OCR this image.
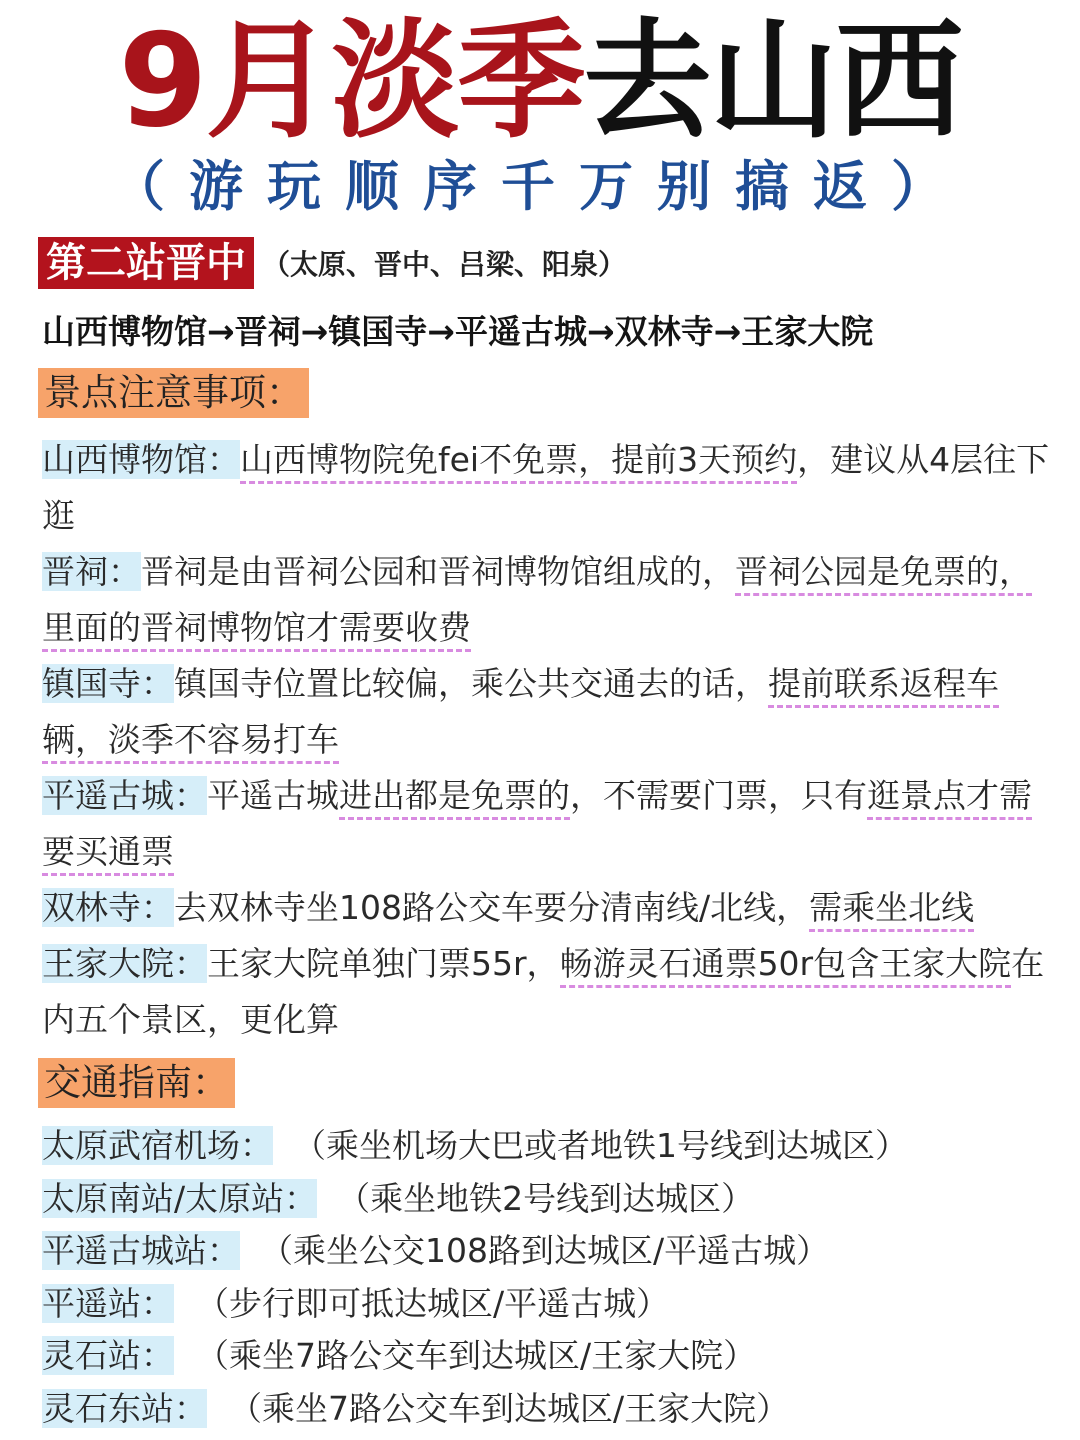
9月淡季去山西
（游玩顺序千万别搞返）
第二站晋中 （太原、晋中、吕梁、阳泉）
山西博物馆→晋祠→镇国寺→平遥古城→双林寺→王家大院
景点注意事项：

山西博物馆：山西博物院免fei不免票，提前3天预约，建议从4层往下逛

晋祠：晋祠是由晋祠公园和晋祠博物馆组成的，晋祠公园是免票的，里面的晋祠博物馆才需要收费

镇国寺：镇国寺位置比较偏，乘公共交通去的话，提前联系返程车辆，淡季不容易打车

平遥古城：平遥古城进出都是免票的，不需要门票，只有逛景点才需要买通票

双林寺：去双林寺坐108路公交车要分清南线/北线，需乘坐北线

王家大院：王家大院单独门票55r，畅游灵石通票50r包含王家大院在内五个景区，更化算

交通指南：
太原武宿机场： （乘坐机场大巴或者地铁1号线到达城区）
太原南站/太原站： （乘坐地铁2号线到达城区）
平遥古城站： （乘坐公交108路到达城区/平遥古城）
平遥站： （步行即可抵达城区/平遥古城）
灵石站： （乘坐7路公交车到达城区/王家大院）
灵石东站： （乘坐7路公交车到达城区/王家大院）
